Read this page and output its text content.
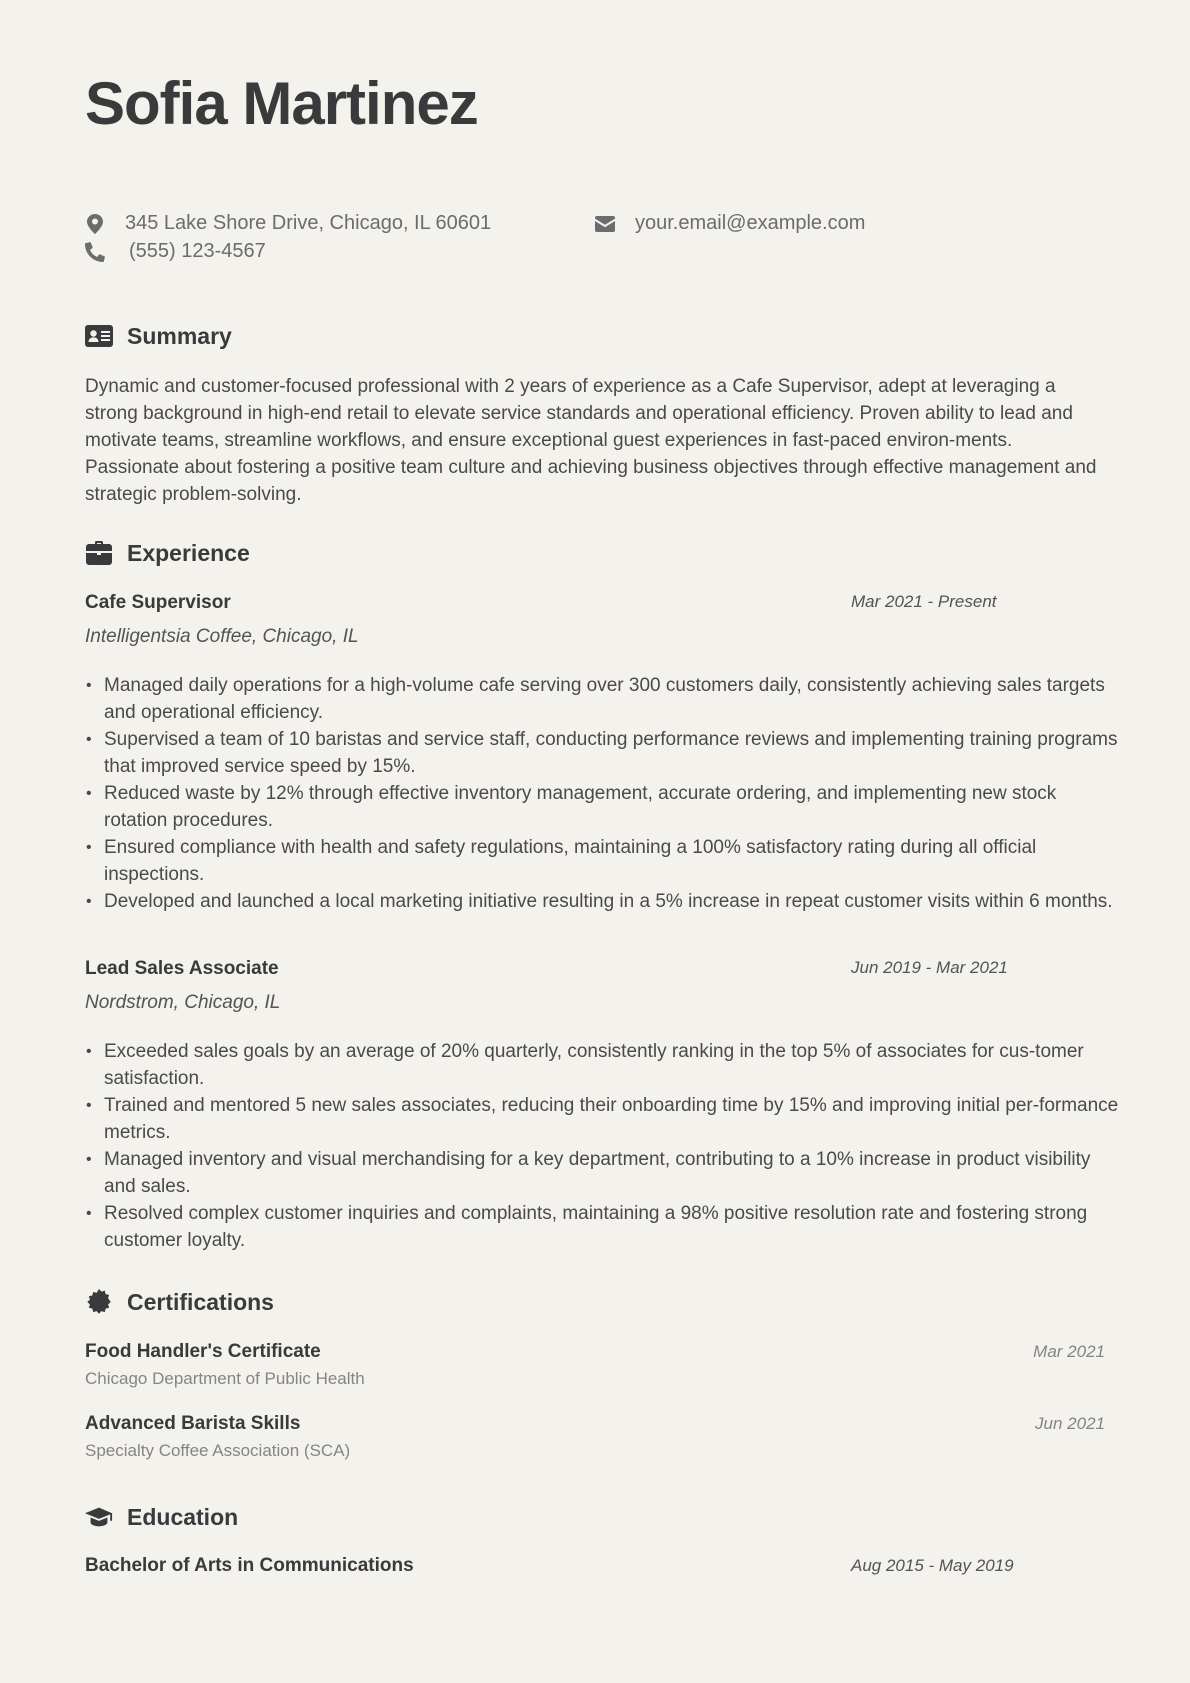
Sofia Martinez
345 Lake Shore Drive, Chicago, IL 60601	your.email@example.com
(555) 123-4567
Summary

Dynamic and customer-focused professional with 2 years of experience as a Cafe Supervisor, adept at leveraging a strong background in high-end retail to elevate service standards and operational efficiency. Proven ability to lead and motivate teams, streamline workflows, and ensure exceptional guest experiences in fast-paced environ-ments. Passionate about fostering a positive team culture and achieving business objectives through effective management and strategic problem-solving.

Experience
Cafe Supervisor	Mar 2021 - Present
Intelligentsia Coffee, Chicago, IL
• Managed daily operations for a high-volume cafe serving over 300 customers daily, consistently achieving sales targets and operational efficiency.
• Supervised a team of 10 baristas and service staff, conducting performance reviews and implementing training programs that improved service speed by 15%.
• Reduced waste by 12% through effective inventory management, accurate ordering, and implementing new stock rotation procedures.
• Ensured compliance with health and safety regulations, maintaining a 100% satisfactory rating during all official inspections.
• Developed and launched a local marketing initiative resulting in a 5% increase in repeat customer visits within 6 months.
Lead Sales Associate	Jun 2019 - Mar 2021
Nordstrom, Chicago, IL
• Exceeded sales goals by an average of 20% quarterly, consistently ranking in the top 5% of associates for cus-tomer satisfaction.
• Trained and mentored 5 new sales associates, reducing their onboarding time by 15% and improving initial per-formance metrics.
• Managed inventory and visual merchandising for a key department, contributing to a 10% increase in product visibility and sales.
• Resolved complex customer inquiries and complaints, maintaining a 98% positive resolution rate and fostering strong customer loyalty.
Certifications
Food Handler's Certificate	Mar 2021
Chicago Department of Public Health
Advanced Barista Skills	Jun 2021
Specialty Coffee Association (SCA)
Education
Bachelor of Arts in Communications	Aug 2015 - May 2019
